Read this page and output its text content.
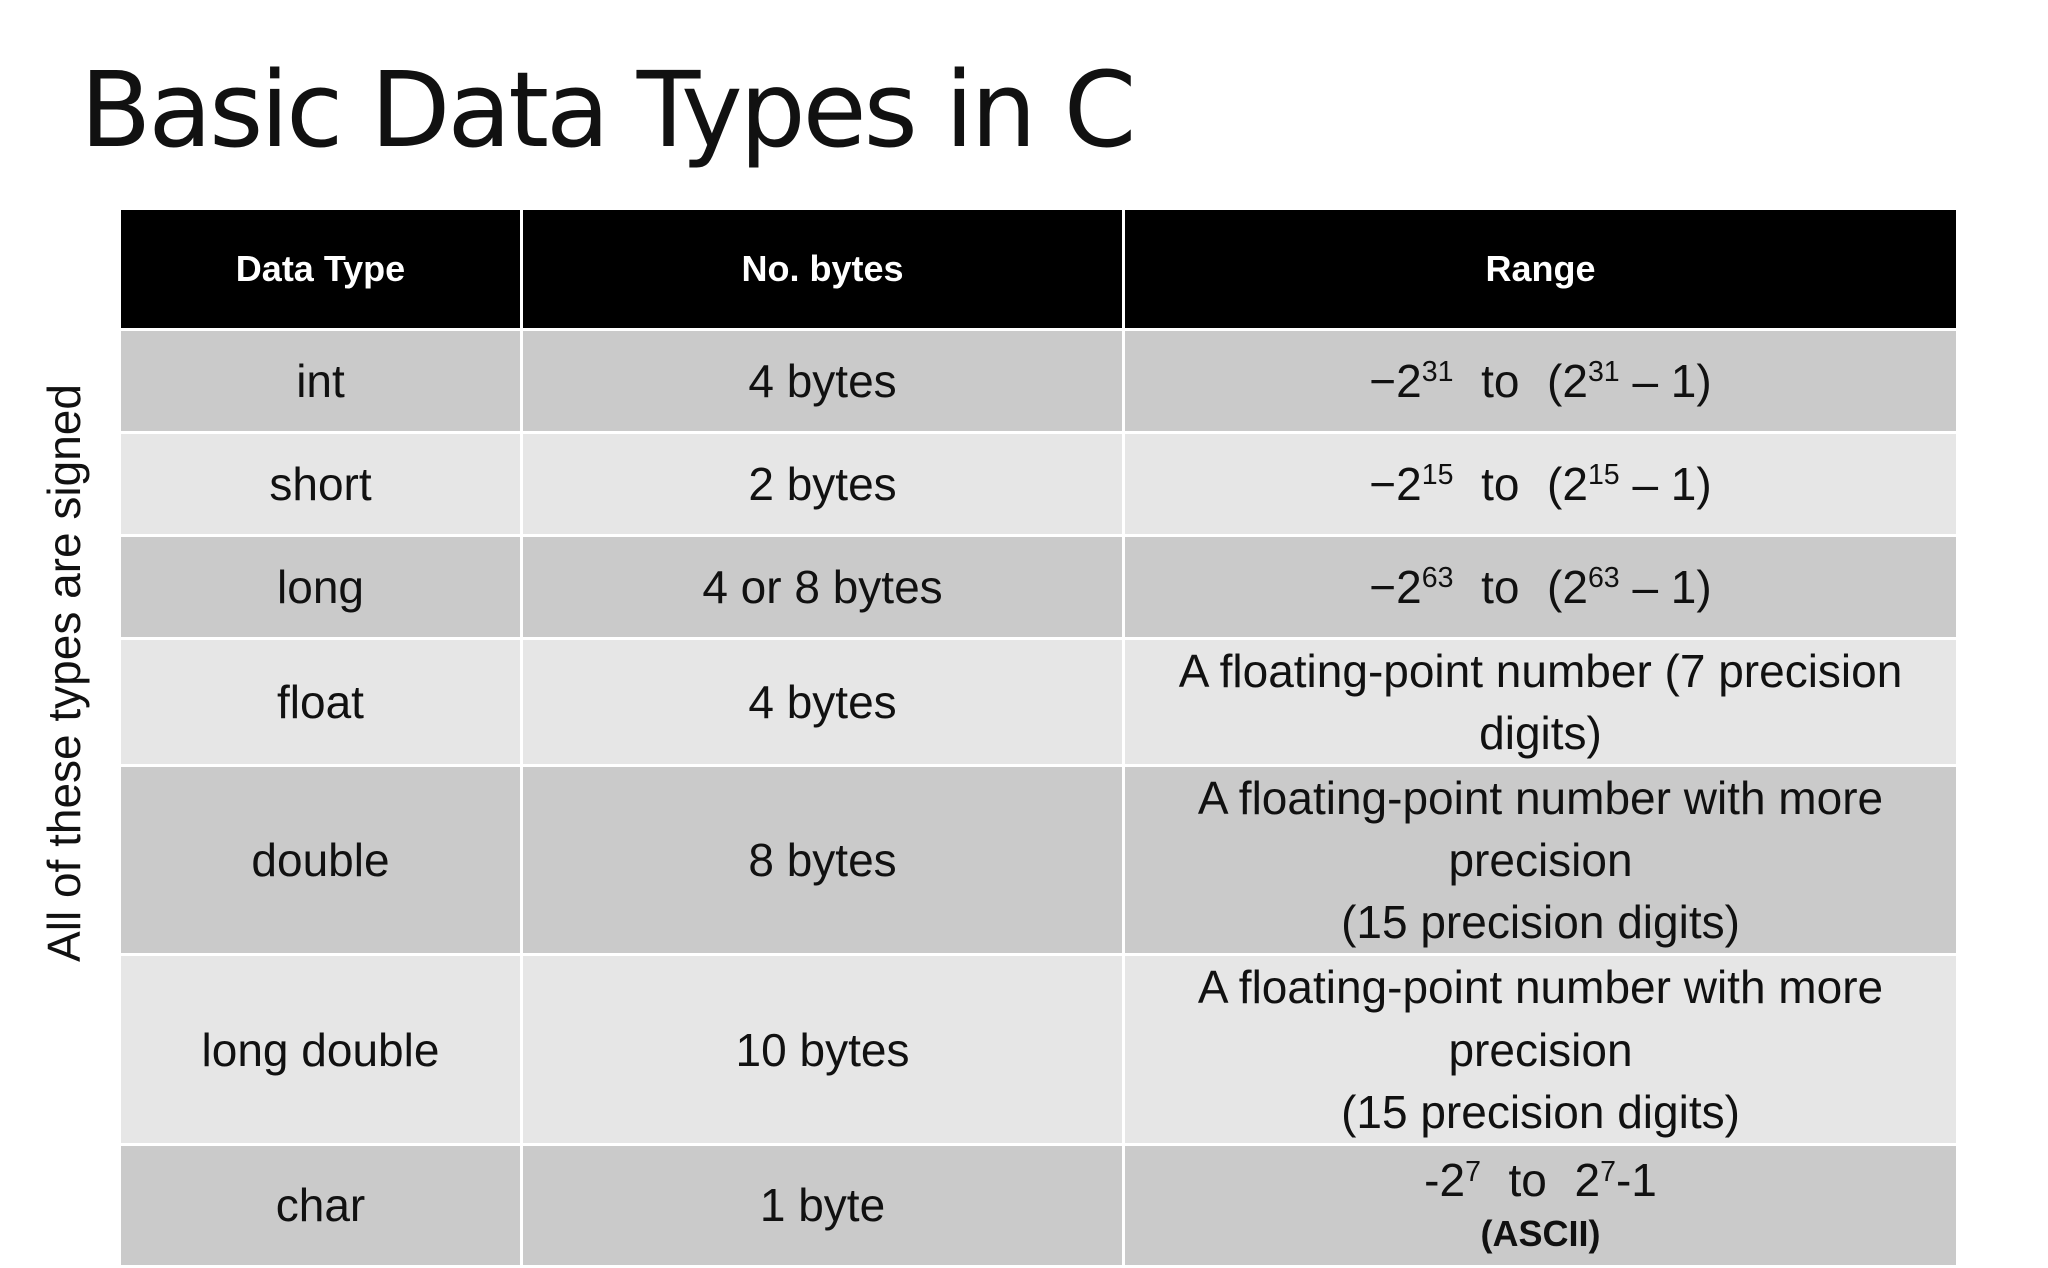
Basic Data Types in C
All of these types are signed
Data Type	No. bytes	Range
int	4 bytes	$-2^{31}$ to $(2^{31} - 1)$
short	2 bytes	$-2^{15}$ to $(2^{15} - 1)$
long	4 or 8 bytes	$-2^{63}$ to $(2^{63} - 1)$
float	4 bytes	A floating-point number (7 precision digits)
double	8 bytes	A floating-point number with more precision
(15 precision digits)

long double	10 bytes	A floating-point number with more precision
(15 precision digits)

char	1 byte	$-2^7$ to $2^7-1$
(ASCII)
